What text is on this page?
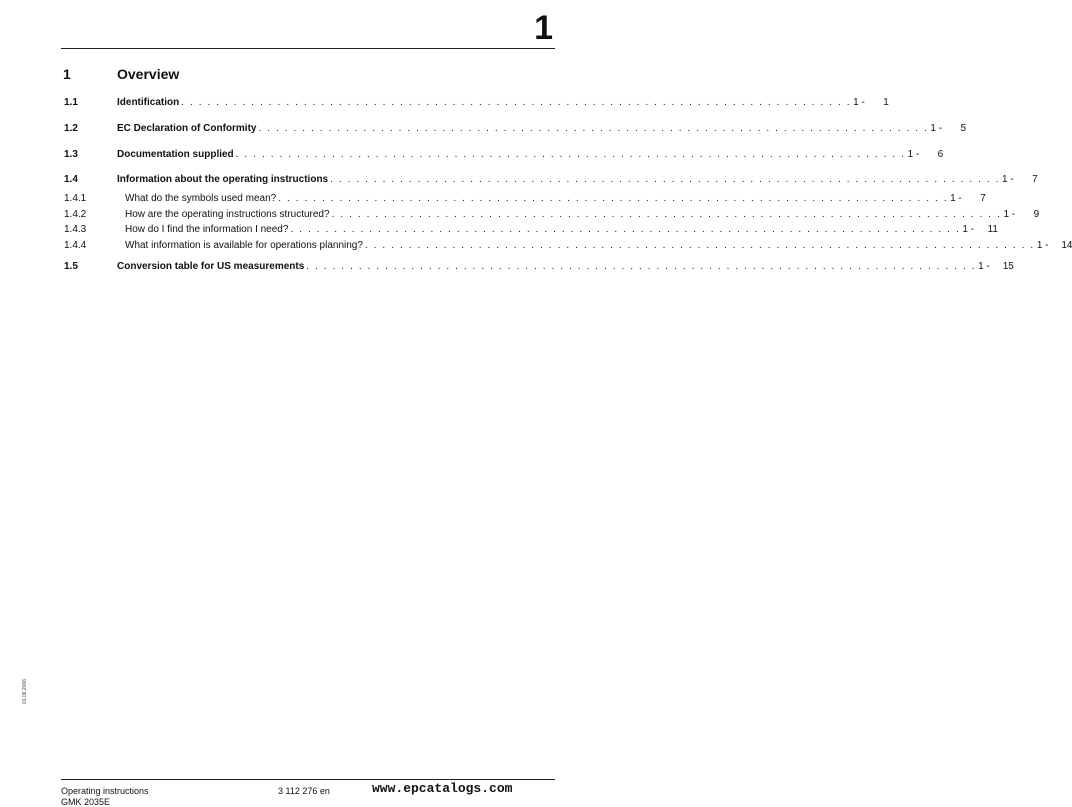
1
1	Overview
1.1	Identification . . . . . . . . . . . . . . . . . . . . . . . . . . . . . . . . . . . . . . . . . . . . . . . . . . . . . . . . . . . . . . . . . . . . . . . . . . . . . 1 - 1
1.2	EC Declaration of Conformity . . . . . . . . . . . . . . . . . . . . . . . . . . . . . . . . . . . . . . . . . . . . . . . . . . . . . . . . . . . . . . . . . . . . . . . . . . . . . 1 - 5
1.3	Documentation supplied . . . . . . . . . . . . . . . . . . . . . . . . . . . . . . . . . . . . . . . . . . . . . . . . . . . . . . . . . . . . . . . . . . . . . . . . . . . . . 1 - 6
1.4	Information about the operating instructions . . . . . . . . . . . . . . . . . . . . . . . . . . . . . . . . . . . . . . . . . . . . . . . . . . . . . . . . . . . . . . . . . . . . . . . . . . . . . 1 - 7
1.4.1	What do the symbols used mean? . . . . . . . . . . . . . . . . . . . . . . . . . . . . . . . . . . . . . . . . . . . . . . . . . . . . . . . . . . . . . . . . . . . . . . . . . . . . . 1 - 7
1.4.2	How are the operating instructions structured? . . . . . . . . . . . . . . . . . . . . . . . . . . . . . . . . . . . . . . . . . . . . . . . . . . . . . . . . . . . . . . . . . . . . . . . . . . . . . 1 - 9
1.4.3	How do I find the information I need? . . . . . . . . . . . . . . . . . . . . . . . . . . . . . . . . . . . . . . . . . . . . . . . . . . . . . . . . . . . . . . . . . . . . . . . . . . . . . 1 - 11
1.4.4	What information is available for operations planning? . . . . . . . . . . . . . . . . . . . . . . . . . . . . . . . . . . . . . . . . . . . . . . . . . . . . . . . . . . . . . . . . . . . . . . . . . . . . . 1 - 14
1.5	Conversion table for US measurements . . . . . . . . . . . . . . . . . . . . . . . . . . . . . . . . . . . . . . . . . . . . . . . . . . . . . . . . . . . . . . . . . . . . . . . . . . . . . 1 - 15
01.06.2006
Operating instructions
GMK 2035E
3 112 276 en	www.epcatalogs.com
